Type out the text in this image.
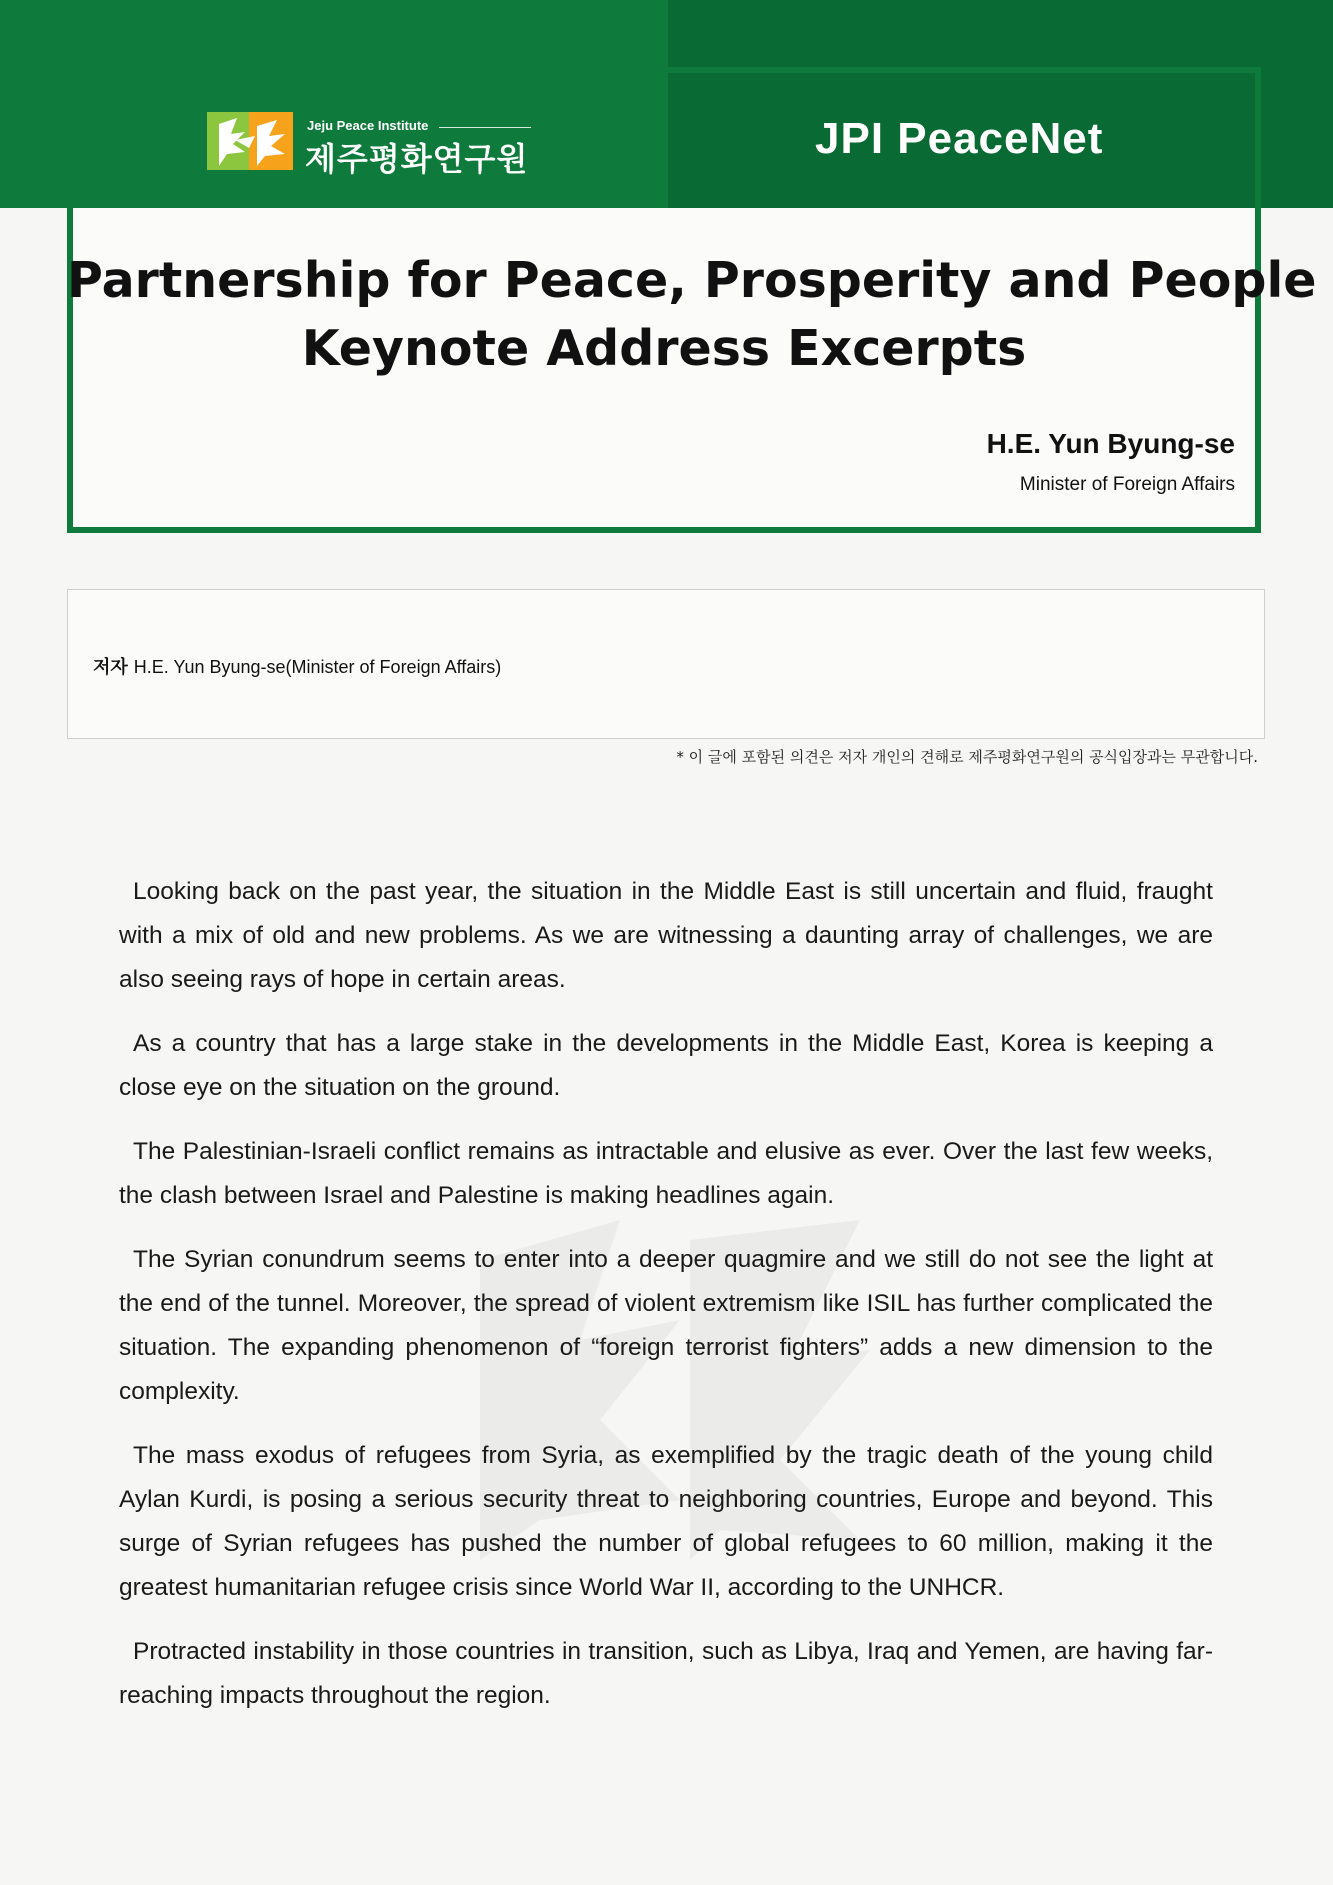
Jeju Peace Institute
제주평화연구원	JPI PeaceNet
Partnership for Peace, Prosperity and People
Keynote Address Excerpts
H.E. Yun Byung-se
Minister of Foreign Affairs
저자 H.E. Yun Byung-se(Minister of Foreign Affairs)
* 이 글에 포함된 의견은 저자 개인의 견해로 제주평화연구원의 공식입장과는 무관합니다.

Looking back on the past year, the situation in the Middle East is still uncertain and fluid, fraught with a mix of old and new problems. As we are witnessing a daunting array of challenges, we are also seeing rays of hope in certain areas.

As a country that has a large stake in the developments in the Middle East, Korea is keeping a close eye on the situation on the ground.

The Palestinian-Israeli conflict remains as intractable and elusive as ever. Over the last few weeks, the clash between Israel and Palestine is making headlines again.

The Syrian conundrum seems to enter into a deeper quagmire and we still do not see the light at the end of the tunnel. Moreover, the spread of violent extremism like ISIL has further complicated the situation. The expanding phenomenon of “foreign terrorist fighters” adds a new dimension to the complexity.

The mass exodus of refugees from Syria, as exemplified by the tragic death of the young child Aylan Kurdi, is posing a serious security threat to neighboring countries, Europe and beyond. This surge of Syrian refugees has pushed the number of global refugees to 60 million, making it the greatest humanitarian refugee crisis since World War II, according to the UNHCR.

Protracted instability in those countries in transition, such as Libya, Iraq and Yemen, are having far-reaching impacts throughout the region.
